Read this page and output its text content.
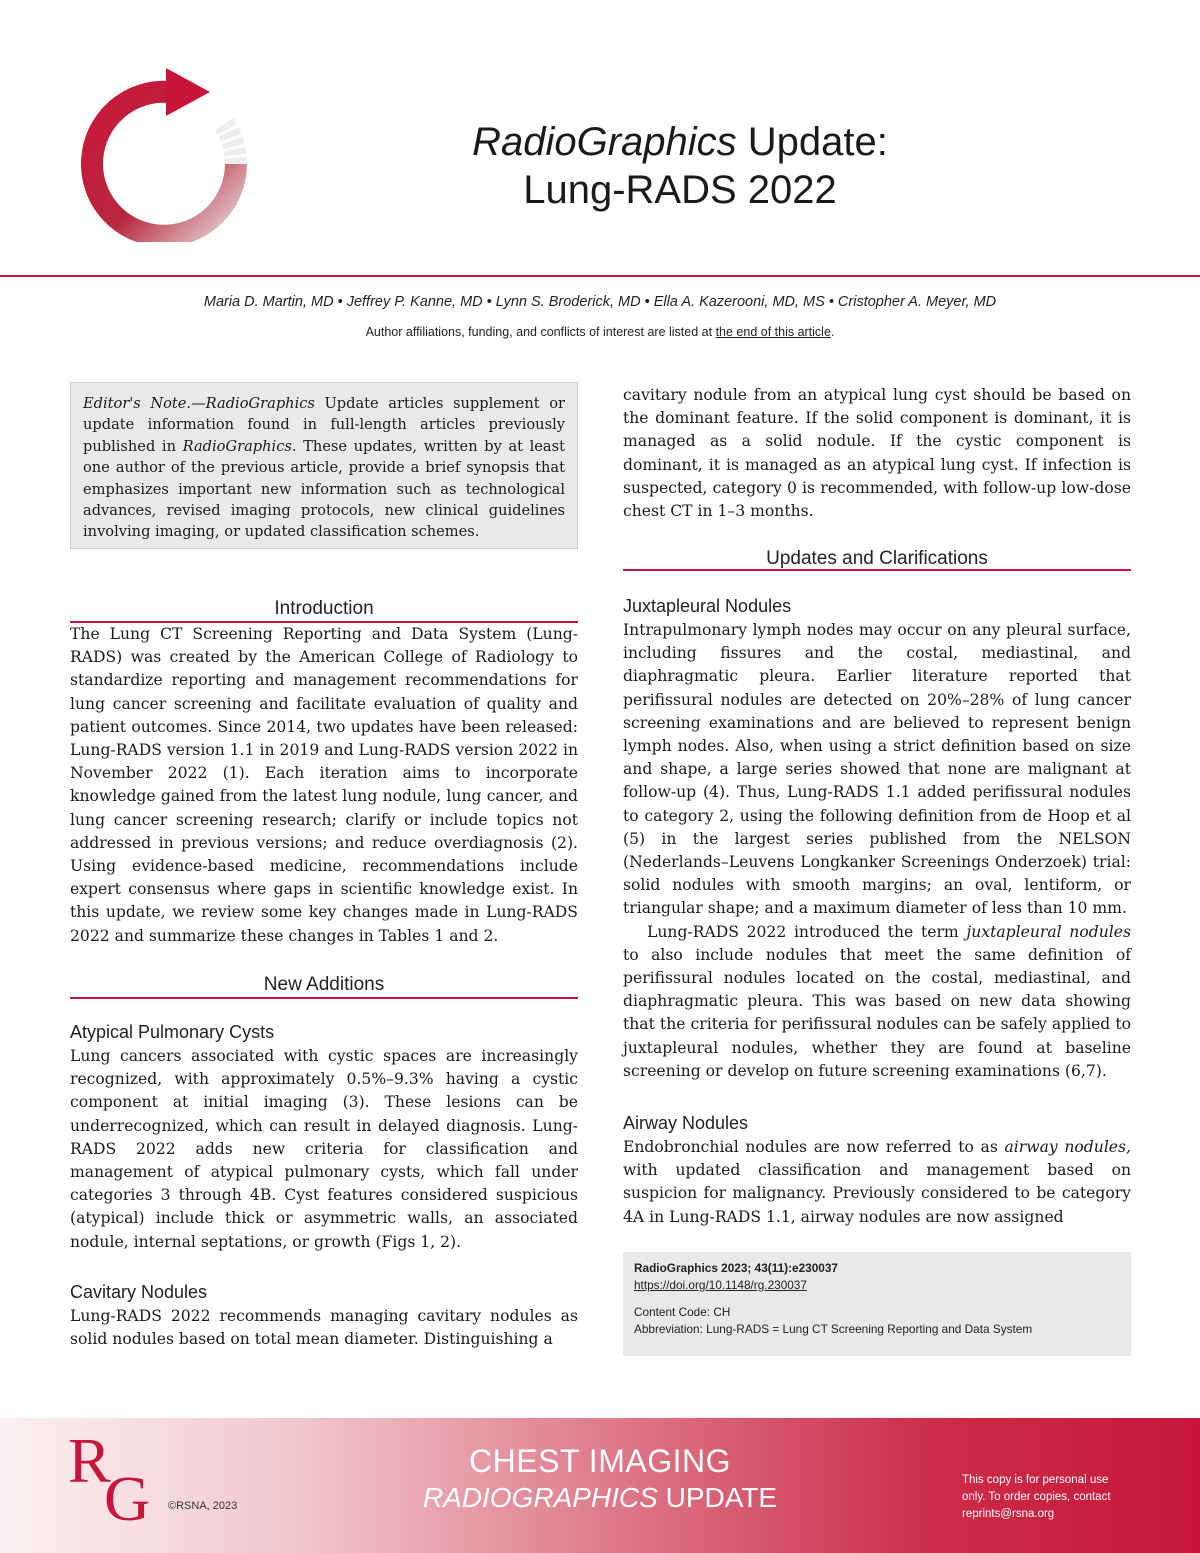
RadioGraphics Update:
Lung-RADS 2022
Maria D. Martin, MD • Jeffrey P. Kanne, MD • Lynn S. Broderick, MD • Ella A. Kazerooni, MD, MS • Cristopher A. Meyer, MD
Author affiliations, funding, and conflicts of interest are listed at the end of this article.
Editor's Note.—RadioGraphics Update articles supplement or update information found in full-length articles previously published in RadioGraphics. These updates, written by at least one author of the previous article, provide a brief synopsis that emphasizes important new information such as technological advances, revised imaging protocols, new clinical guidelines involving imaging, or updated classification schemes.
Introduction

The Lung CT Screening Reporting and Data System (Lung-RADS) was created by the American College of Radiology to standardize reporting and management recommendations for lung cancer screening and facilitate evaluation of quality and patient outcomes. Since 2014, two updates have been released: Lung-RADS version 1.1 in 2019 and Lung-RADS version 2022 in November 2022 (1). Each iteration aims to incorporate knowledge gained from the latest lung nodule, lung cancer, and lung cancer screening research; clarify or include topics not addressed in previous versions; and reduce overdiagnosis (2). Using evidence-based medicine, recommendations include expert consensus where gaps in scientific knowledge exist. In this update, we review some key changes made in Lung-RADS 2022 and summarize these changes in Tables 1 and 2.

New Additions
Atypical Pulmonary Cysts

Lung cancers associated with cystic spaces are increasingly recognized, with approximately 0.5%–9.3% having a cystic component at initial imaging (3). These lesions can be underrecognized, which can result in delayed diagnosis. Lung-RADS 2022 adds new criteria for classification and management of atypical pulmonary cysts, which fall under categories 3 through 4B. Cyst features considered suspicious (atypical) include thick or asymmetric walls, an associated nodule, internal septations, or growth (Figs 1, 2).

Cavitary Nodules

Lung-RADS 2022 recommends managing cavitary nodules as solid nodules based on total mean diameter. Distinguishing a

cavitary nodule from an atypical lung cyst should be based on the dominant feature. If the solid component is dominant, it is managed as a solid nodule. If the cystic component is dominant, it is managed as an atypical lung cyst. If infection is suspected, category 0 is recommended, with follow-up low-dose chest CT in 1–3 months.

Updates and Clarifications
Juxtapleural Nodules

Intrapulmonary lymph nodes may occur on any pleural surface, including fissures and the costal, mediastinal, and diaphragmatic pleura. Earlier literature reported that perifissural nodules are detected on 20%–28% of lung cancer screening examinations and are believed to represent benign lymph nodes. Also, when using a strict definition based on size and shape, a large series showed that none are malignant at follow-up (4). Thus, Lung-RADS 1.1 added perifissural nodules to category 2, using the following definition from de Hoop et al (5) in the largest series published from the NELSON (Nederlands–Leuvens Longkanker Screenings Onderzoek) trial: solid nodules with smooth margins; an oval, lentiform, or triangular shape; and a maximum diameter of less than 10 mm.

Lung-RADS 2022 introduced the term juxtapleural nodules to also include nodules that meet the same definition of perifissural nodules located on the costal, mediastinal, and diaphragmatic pleura. This was based on new data showing that the criteria for perifissural nodules can be safely applied to juxtapleural nodules, whether they are found at baseline screening or develop on future screening examinations (6,7).

Airway Nodules

Endobronchial nodules are now referred to as airway nodules, with updated classification and management based on suspicion for malignancy. Previously considered to be category 4A in Lung-RADS 1.1, airway nodules are now assigned

RadioGraphics 2023; 43(11):e230037
https://doi.org/10.1148/rg.230037
Content Code: CH
Abbreviation: Lung-RADS = Lung CT Screening Reporting and Data System
R
G ©RSNA, 2023
CHEST IMAGING
RADIOGRAPHICS UPDATE
This copy is for personal use only. To order copies, contact reprints@rsna.org
